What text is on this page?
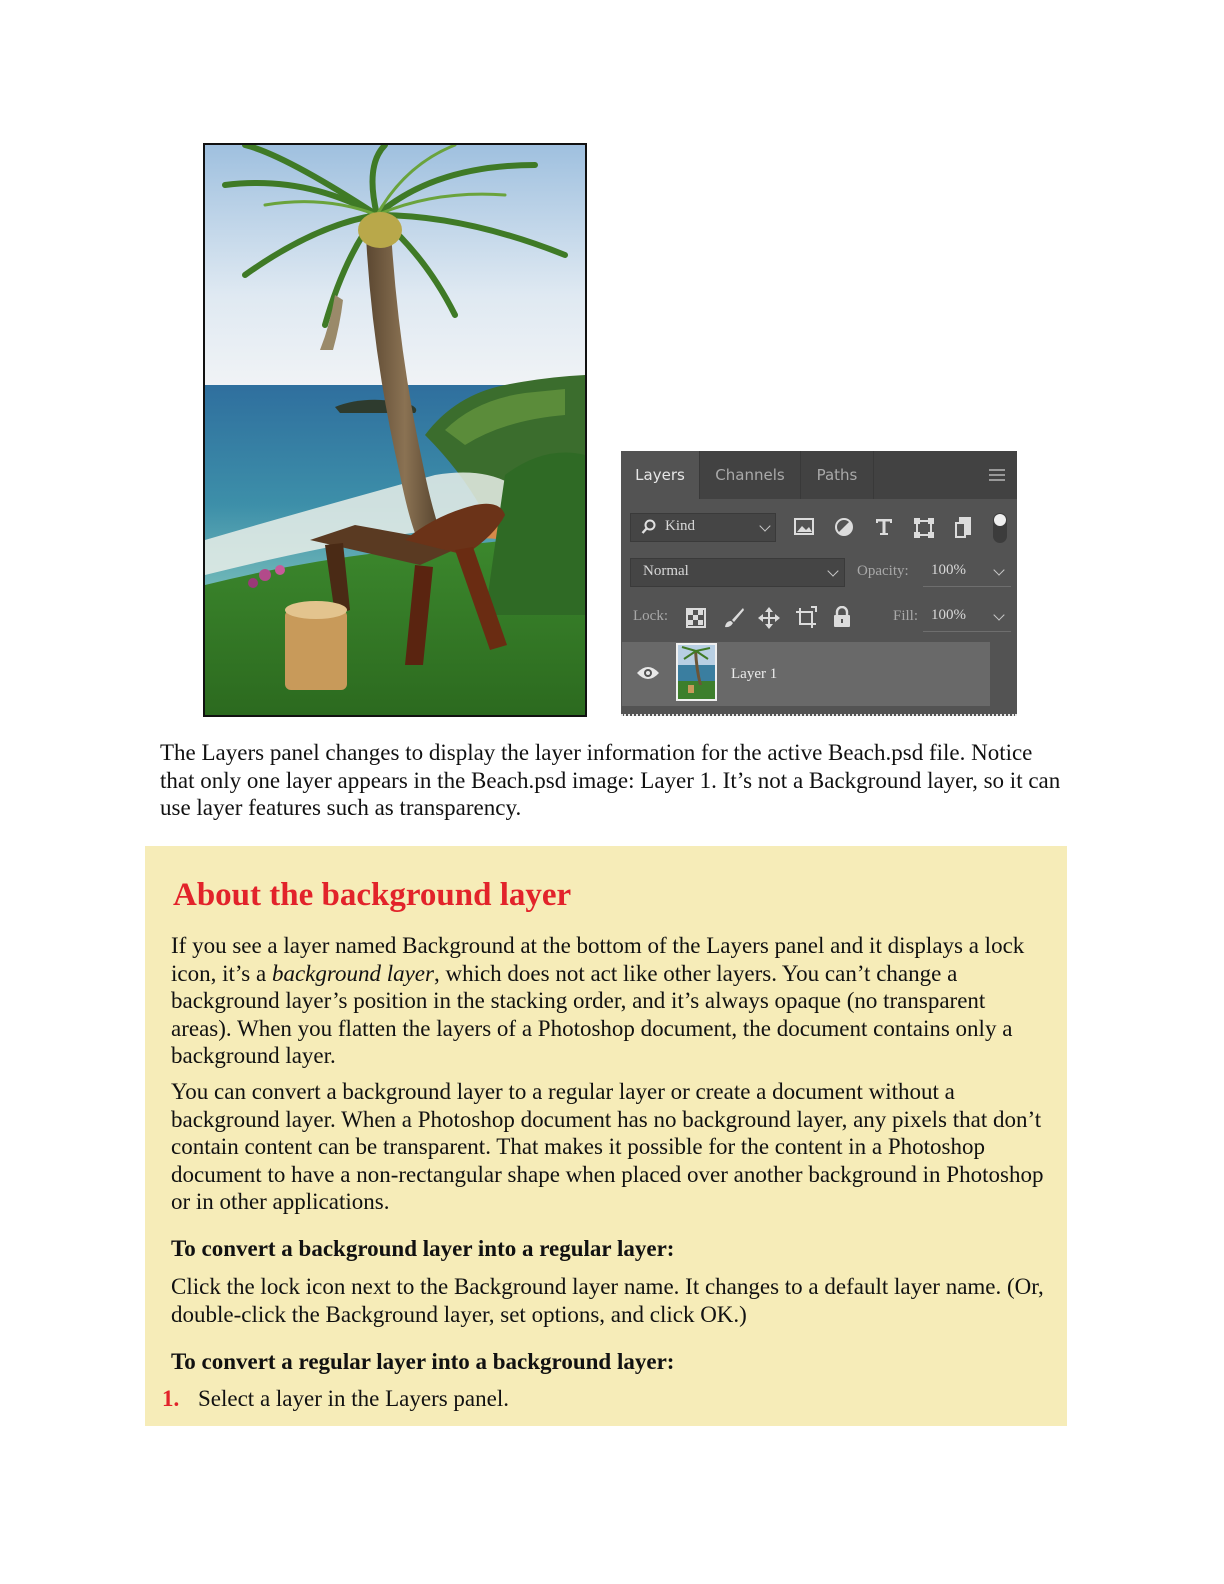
Layers	Channels	Paths
Kind
Normal	Opacity: 100%
Lock:	Fill: 100%
Layer 1
The Layers panel changes to display the layer information for the active Beach.psd file. Notice that only one layer appears in the Beach.psd image: Layer 1. It’s not a Background layer, so it can use layer features such as transparency.
About the background layer
If you see a layer named Background at the bottom of the Layers panel and it displays a lock icon, it’s a background layer, which does not act like other layers. You can’t change a background layer’s position in the stacking order, and it’s always opaque (no transparent areas). When you flatten the layers of a Photoshop document, the document contains only a background layer.
You can convert a background layer to a regular layer or create a document without a background layer. When a Photoshop document has no background layer, any pixels that don’t contain content can be transparent. That makes it possible for the content in a Photoshop document to have a non-rectangular shape when placed over another background in Photoshop or in other applications.
To convert a background layer into a regular layer:
Click the lock icon next to the Background layer name. It changes to a default layer name. (Or, double-click the Background layer, set options, and click OK.)
To convert a regular layer into a background layer:
1. Select a layer in the Layers panel.
